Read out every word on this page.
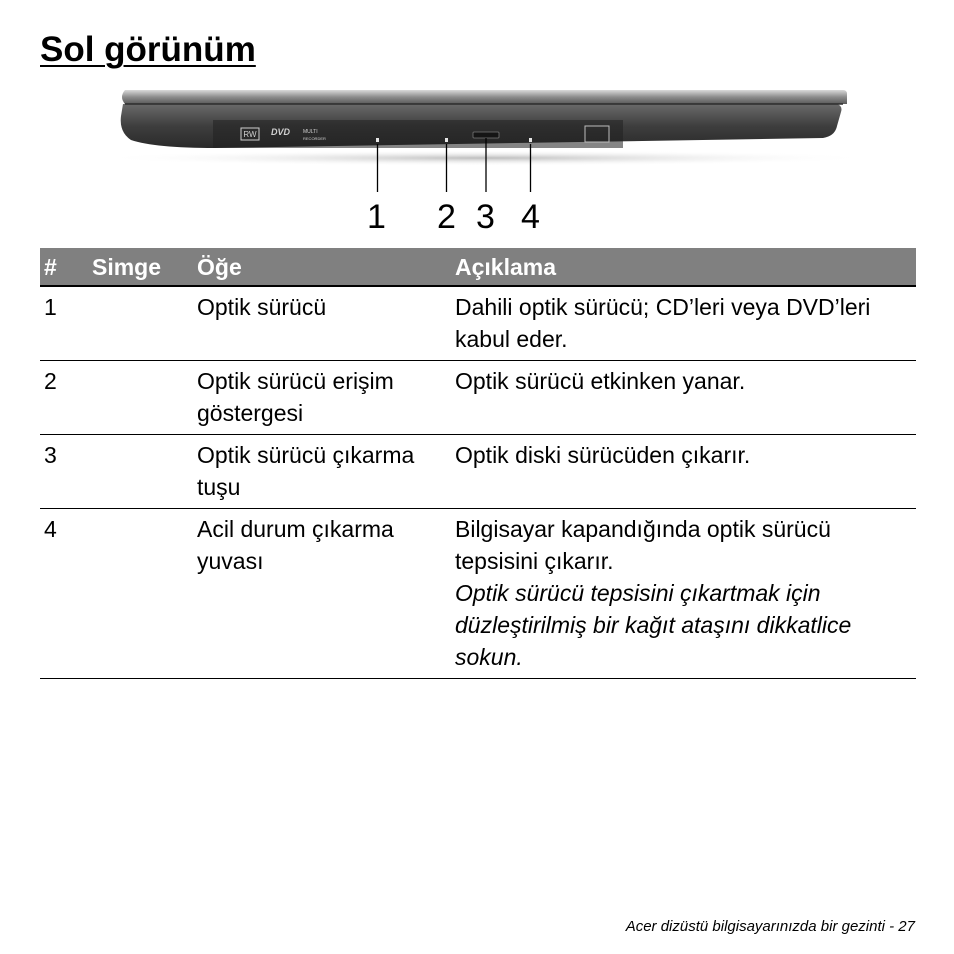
Sol görünüm
RW DVD	MULTI
RECORDER
1 2 3 4
#	Simge	Öğe	Açıklama
1		Optik sürücü	Dahili optik sürücü; CD’leri veya DVD’leri kabul eder.
2		Optik sürücü erişim göstergesi	Optik sürücü etkinken yanar.
3		Optik sürücü çıkarma tuşu	Optik diski sürücüden çıkarır.
4		Acil durum çıkarma yuvası	Bilgisayar kapandığında optik sürücü tepsisini çıkarır.
Optik sürücü tepsisini çıkartmak için düzleştirilmiş bir kağıt ataşını dikkatlice sokun.
Acer dizüstü bilgisayarınızda bir gezinti - 27
